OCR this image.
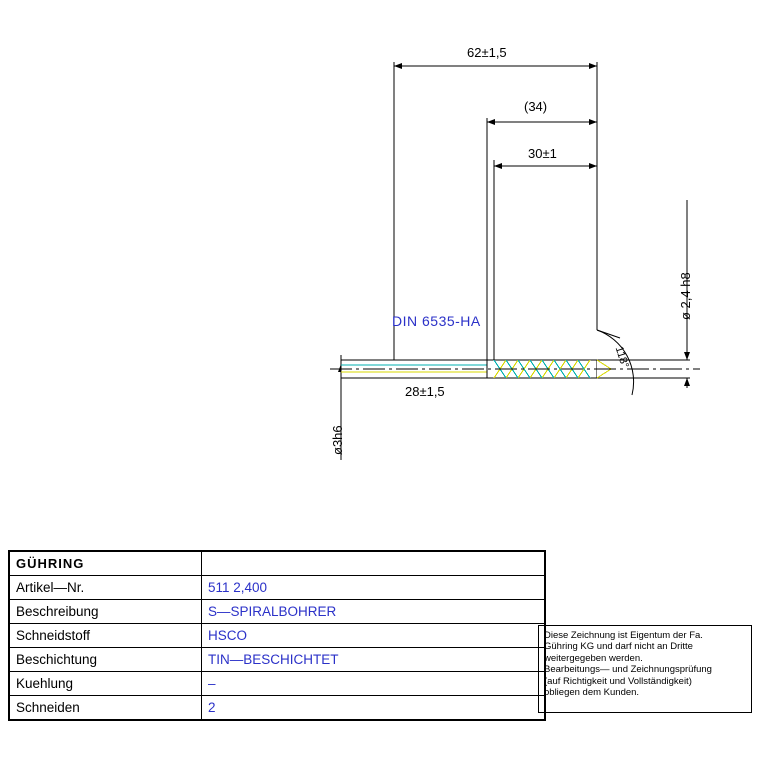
62±1,5
(34)
30±1
28±1,5
ø3h6
ø 2,4 h8
118°
DIN 6535-HA
GÜHRING	
Artikel—Nr.	511 2,400
Beschreibung	S—SPIRALBOHRER
Schneidstoff	HSCO
Beschichtung	TIN—BESCHICHTET
Kuehlung	–
Schneiden	2
Diese Zeichnung ist Eigentum der Fa.
Gühring KG und darf nicht an Dritte
weitergegeben werden.
Bearbeitungs— und Zeichnungsprüfung
(auf Richtigkeit und Vollständigkeit)
obliegen dem Kunden.
